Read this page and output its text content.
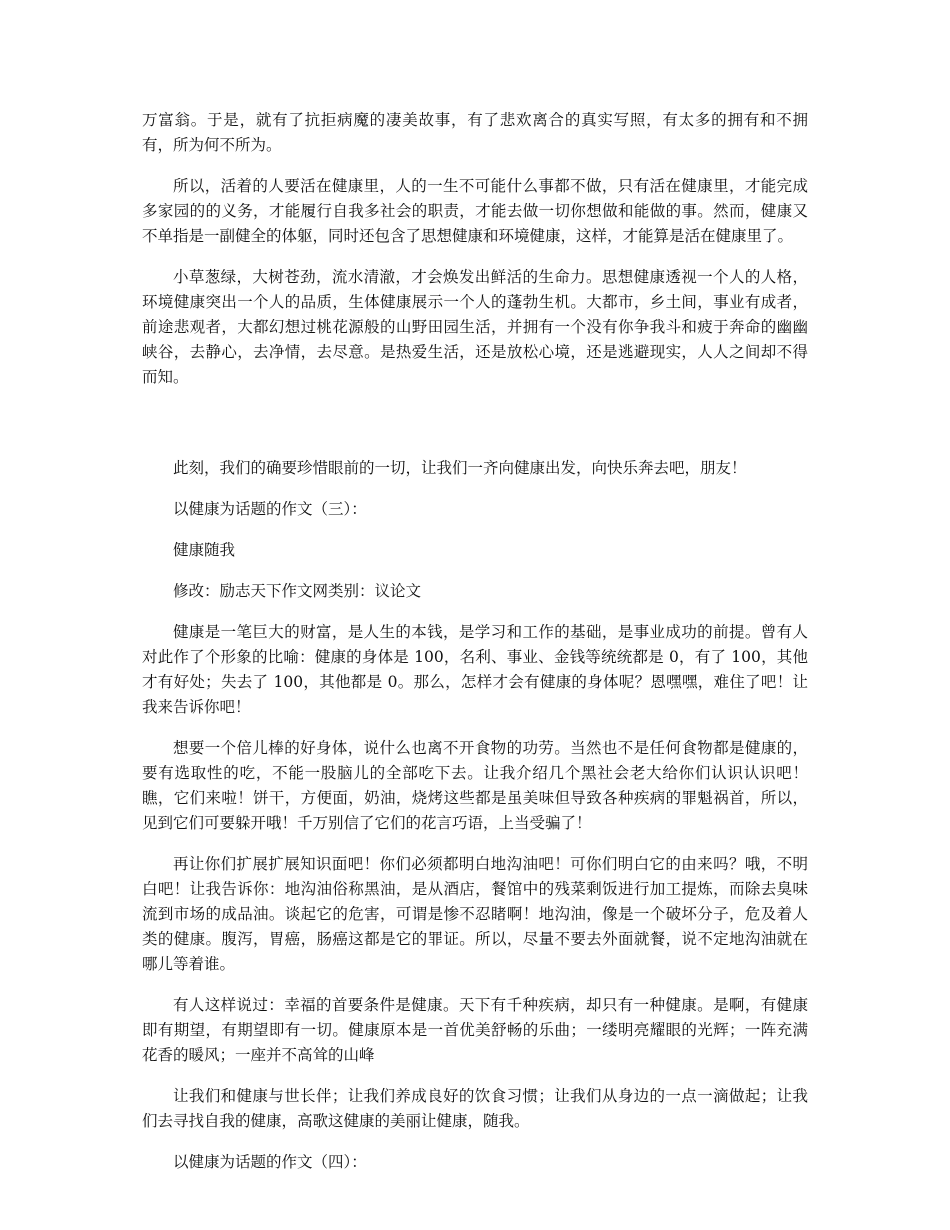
万富翁。于是，就有了抗拒病魔的凄美故事，有了悲欢离合的真实写照，有太多的拥有和不拥有，所为何不所为。

所以，活着的人要活在健康里，人的一生不可能什么事都不做，只有活在健康里，才能完成多家园的的义务，才能履行自我多社会的职责，才能去做一切你想做和能做的事。然而，健康又不单指是一副健全的体躯，同时还包含了思想健康和环境健康，这样，才能算是活在健康里了。

小草葱绿，大树苍劲，流水清澈，才会焕发出鲜活的生命力。思想健康透视一个人的人格，环境健康突出一个人的品质，生体健康展示一个人的蓬勃生机。大都市，乡土间，事业有成者，前途悲观者，大都幻想过桃花源般的山野田园生活，并拥有一个没有你争我斗和疲于奔命的幽幽峡谷，去静心，去净情，去尽意。是热爱生活，还是放松心境，还是逃避现实，人人之间却不得而知。

此刻，我们的确要珍惜眼前的一切，让我们一齐向健康出发，向快乐奔去吧，朋友！

以健康为话题的作文（三）：

健康随我

修改：励志天下作文网类别：议论文

健康是一笔巨大的财富，是人生的本钱，是学习和工作的基础，是事业成功的前提。曾有人对此作了个形象的比喻：健康的身体是 100，名利、事业、金钱等统统都是 0，有了 100，其他才有好处；失去了 100，其他都是 0。那么，怎样才会有健康的身体呢？恩嘿嘿，难住了吧！让我来告诉你吧！

想要一个倍儿棒的好身体，说什么也离不开食物的功劳。当然也不是任何食物都是健康的，要有选取性的吃，不能一股脑儿的全部吃下去。让我介绍几个黑社会老大给你们认识认识吧！瞧，它们来啦！饼干，方便面，奶油，烧烤这些都是虽美味但导致各种疾病的罪魁祸首，所以，见到它们可要躲开哦！千万别信了它们的花言巧语，上当受骗了！

再让你们扩展扩展知识面吧！你们必须都明白地沟油吧！可你们明白它的由来吗？哦，不明白吧！让我告诉你：地沟油俗称黑油，是从酒店，餐馆中的残菜剩饭进行加工提炼，而除去臭味流到市场的成品油。谈起它的危害，可谓是惨不忍睹啊！地沟油，像是一个破坏分子，危及着人类的健康。腹泻，胃癌，肠癌这都是它的罪证。所以，尽量不要去外面就餐，说不定地沟油就在哪儿等着谁。

有人这样说过：幸福的首要条件是健康。天下有千种疾病，却只有一种健康。是啊，有健康即有期望，有期望即有一切。健康原本是一首优美舒畅的乐曲；一缕明亮耀眼的光辉；一阵充满花香的暖风；一座并不高耸的山峰

让我们和健康与世长伴；让我们养成良好的饮食习惯；让我们从身边的一点一滴做起；让我们去寻找自我的健康，高歌这健康的美丽让健康，随我。

以健康为话题的作文（四）：
